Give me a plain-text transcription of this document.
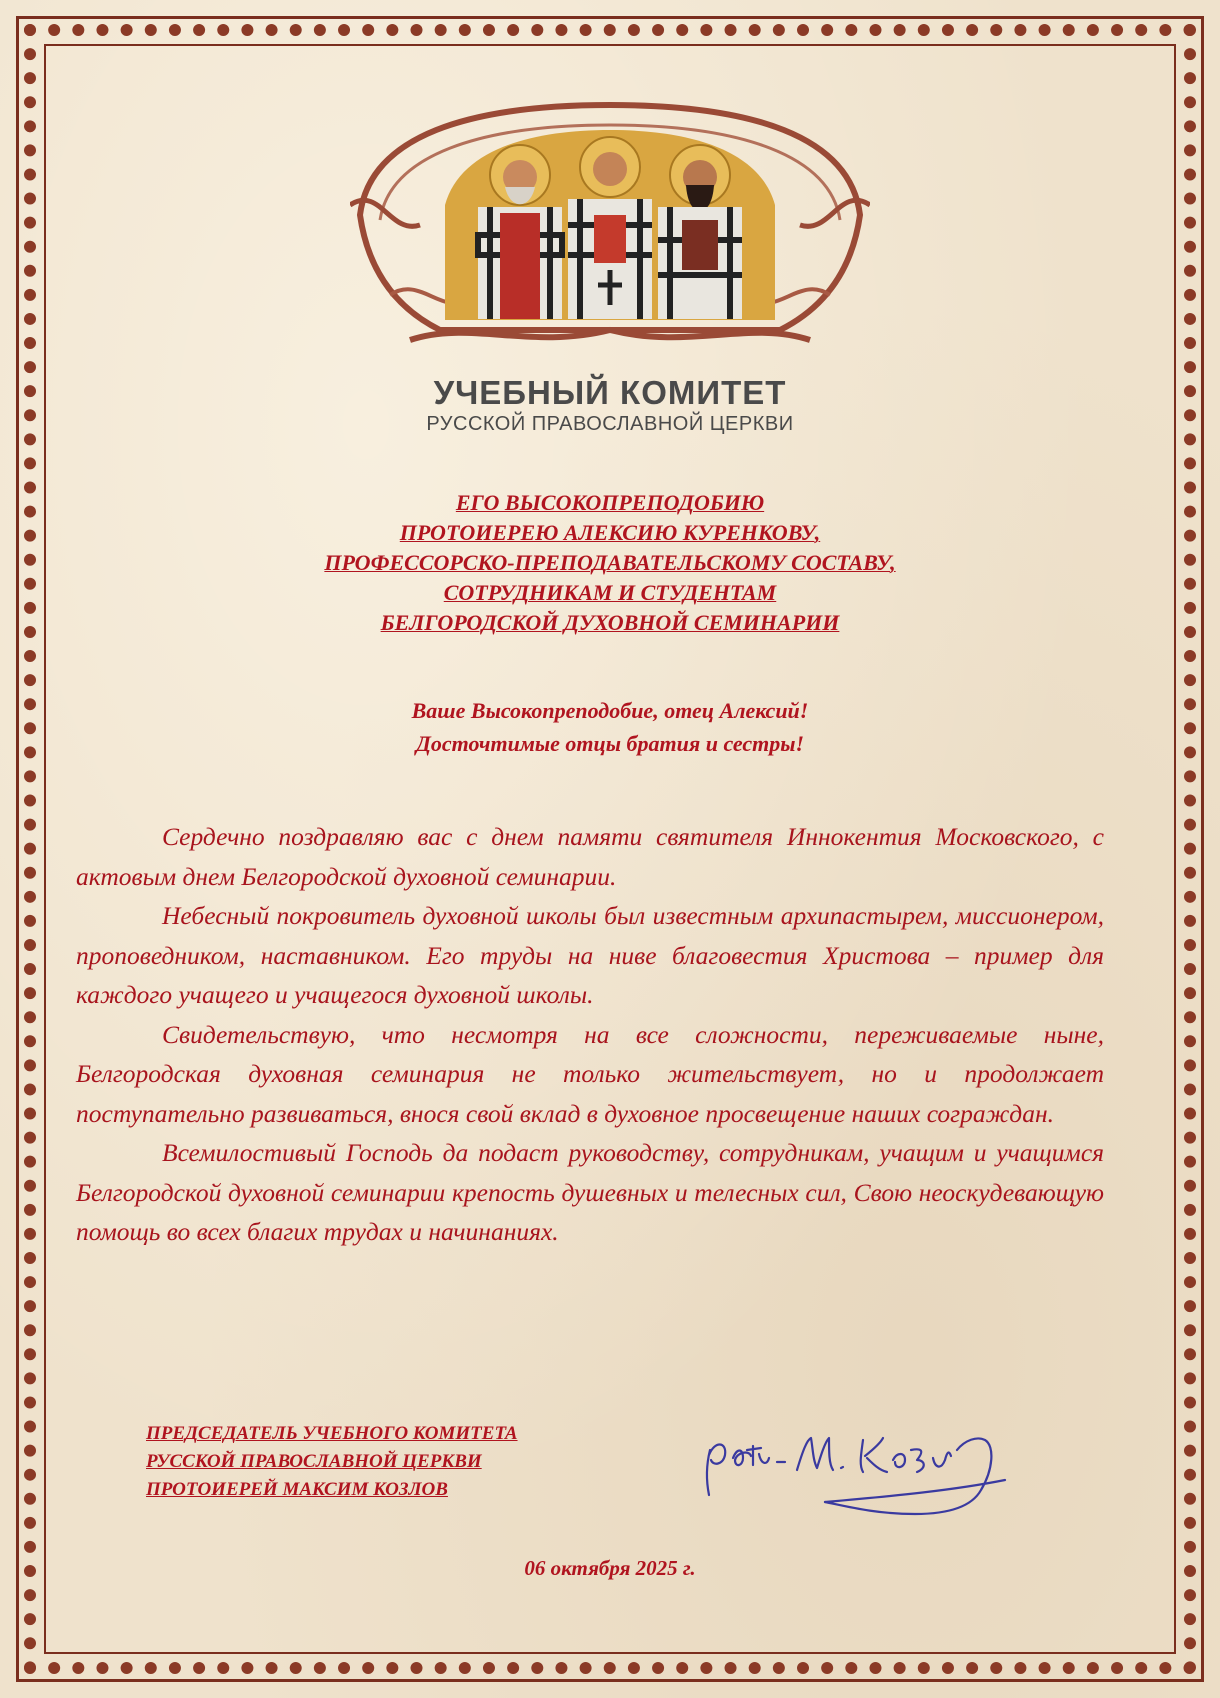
УЧЕБНЫЙ КОМИТЕТ
РУССКОЙ ПРАВОСЛАВНОЙ ЦЕРКВИ
ЕГО ВЫСОКОПРЕПОДОБИЮ
ПРОТОИЕРЕЮ АЛЕКСИЮ КУРЕНКОВУ,
ПРОФЕССОРСКО-ПРЕПОДАВАТЕЛЬСКОМУ СОСТАВУ,
СОТРУДНИКАМ И СТУДЕНТАМ
БЕЛГОРОДСКОЙ ДУХОВНОЙ СЕМИНАРИИ
Ваше Высокопреподобие, отец Алексий!
Досточтимые отцы братия и сестры!

Сердечно поздравляю вас с днем памяти святителя Иннокентия Московского, с актовым днем Белгородской духовной семинарии.

Небесный покровитель духовной школы был известным архипастырем, миссионером, проповедником, наставником. Его труды на ниве благовестия Христова – пример для каждого учащего и учащегося духовной школы.

Свидетельствую, что несмотря на все сложности, переживаемые ныне, Белгородская духовная семинария не только жительствует, но и продолжает поступательно развиваться, внося свой вклад в духовное просвещение наших сограждан.

Всемилостивый Господь да подаст руководству, сотрудникам, учащим и учащимся Белгородской духовной семинарии крепость душевных и телесных сил, Свою неоскудевающую помощь во всех благих трудах и начинаниях.

ПРЕДСЕДАТЕЛЬ УЧЕБНОГО КОМИТЕТА
РУССКОЙ ПРАВОСЛАВНОЙ ЦЕРКВИ
ПРОТОИЕРЕЙ МАКСИМ КОЗЛОВ
06 октября 2025 г.
